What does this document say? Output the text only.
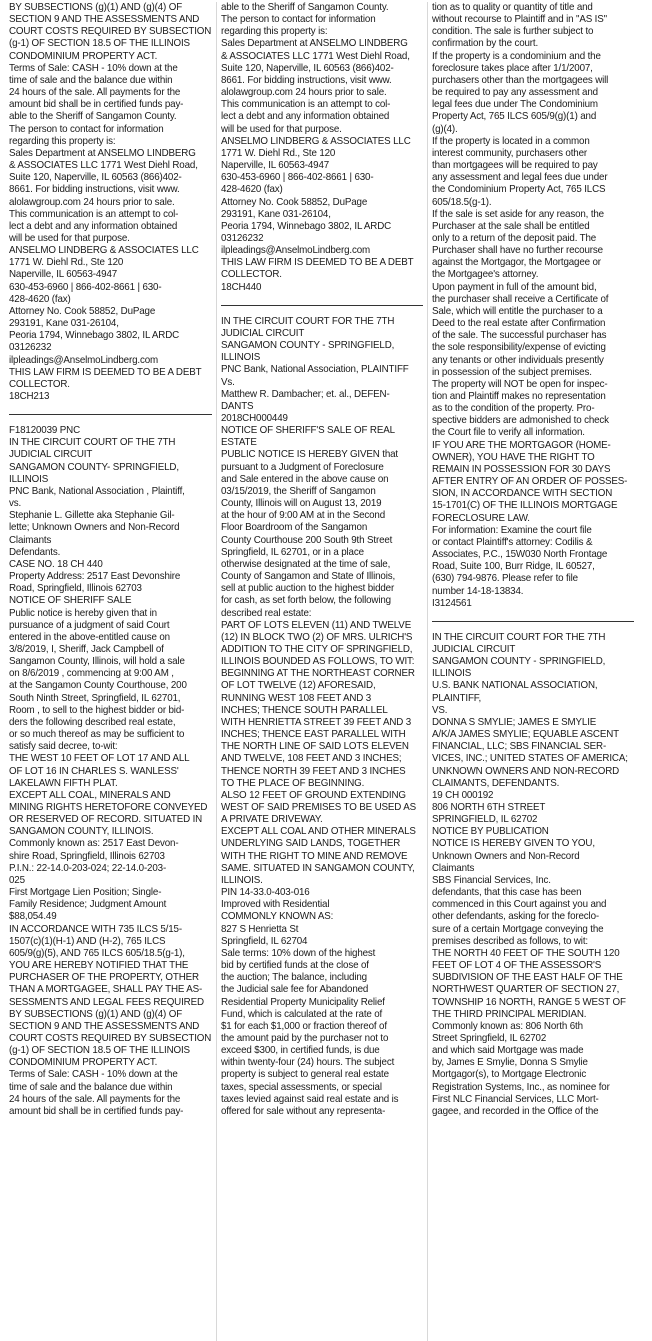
BY SUBSECTIONS (g)(1) AND (g)(4) OF
SECTION 9 AND THE ASSESSMENTS AND
COURT COSTS REQUIRED BY SUBSECTION
(g-1) OF SECTION 18.5 OF THE ILLINOIS
CONDOMINIUM PROPERTY ACT.
Terms of Sale: CASH - 10% down at the
time of sale and the balance due within
24 hours of the sale. All payments for the
amount bid shall be in certified funds pay-
able to the Sheriff of Sangamon County.
The person to contact for information
regarding this property is:
Sales Department at ANSELMO LINDBERG
& ASSOCIATES LLC 1771 West Diehl Road,
Suite 120, Naperville, IL 60563 (866)402-
8661. For bidding instructions, visit www.
alolawgroup.com 24 hours prior to sale.
This communication is an attempt to col-
lect a debt and any information obtained
will be used for that purpose.
ANSELMO LINDBERG & ASSOCIATES LLC
1771 W. Diehl Rd., Ste 120
Naperville, IL 60563-4947
630-453-6960 | 866-402-8661 | 630-
428-4620 (fax)
Attorney No. Cook 58852, DuPage
293191, Kane 031-26104,
Peoria 1794, Winnebago 3802, IL ARDC
03126232
ilpleadings@AnselmoLindberg.com
THIS LAW FIRM IS DEEMED TO BE A DEBT
COLLECTOR.
18CH213
F18120039 PNC
IN THE CIRCUIT COURT OF THE 7TH
JUDICIAL CIRCUIT
SANGAMON COUNTY- SPRINGFIELD,
ILLINOIS
PNC Bank, National Association , Plaintiff,
vs.
Stephanie L. Gillette aka Stephanie Gil-
lette; Unknown Owners and Non-Record
Claimants
Defendants.
CASE NO. 18 CH 440
Property Address: 2517 East Devonshire
Road, Springfield, Illinois 62703
NOTICE OF SHERIFF SALE
Public notice is hereby given that in
pursuance of a judgment of said Court
entered in the above-entitled cause on
3/8/2019, I, Sheriff, Jack Campbell of
Sangamon County, Illinois, will hold a sale
on 8/6/2019 , commencing at 9:00 AM ,
at the Sangamon County Courthouse, 200
South Ninth Street, Springfield, IL 62701,
Room , to sell to the highest bidder or bid-
ders the following described real estate,
or so much thereof as may be sufficient to
satisfy said decree, to-wit:
THE WEST 10 FEET OF LOT 17 AND ALL
OF LOT 16 IN CHARLES S. WANLESS'
LAKELAWN FIFTH PLAT.
EXCEPT ALL COAL, MINERALS AND
MINING RIGHTS HERETOFORE CONVEYED
OR RESERVED OF RECORD. SITUATED IN
SANGAMON COUNTY, ILLINOIS.
Commonly known as: 2517 East Devon-
shire Road, Springfield, Illinois 62703
P.I.N.: 22-14.0-203-024; 22-14.0-203-
025
First Mortgage Lien Position; Single-
Family Residence; Judgment Amount
$88,054.49
IN ACCORDANCE WITH 735 ILCS 5/15-
1507(c)(1)(H-1) AND (H-2), 765 ILCS
605/9(g)(5), AND 765 ILCS 605/18.5(g-1),
YOU ARE HEREBY NOTIFIED THAT THE
PURCHASER OF THE PROPERTY, OTHER
THAN A MORTGAGEE, SHALL PAY THE AS-
SESSMENTS AND LEGAL FEES REQUIRED
BY SUBSECTIONS (g)(1) AND (g)(4) OF
SECTION 9 AND THE ASSESSMENTS AND
COURT COSTS REQUIRED BY SUBSECTION
(g-1) OF SECTION 18.5 OF THE ILLINOIS
CONDOMINIUM PROPERTY ACT.
Terms of Sale: CASH - 10% down at the
time of sale and the balance due within
24 hours of the sale. All payments for the
amount bid shall be in certified funds pay-
able to the Sheriff of Sangamon County.
The person to contact for information
regarding this property is:
Sales Department at ANSELMO LINDBERG
& ASSOCIATES LLC 1771 West Diehl Road,
Suite 120, Naperville, IL 60563 (866)402-
8661. For bidding instructions, visit www.
alolawgroup.com 24 hours prior to sale.
This communication is an attempt to col-
lect a debt and any information obtained
will be used for that purpose.
ANSELMO LINDBERG & ASSOCIATES LLC
1771 W. Diehl Rd., Ste 120
Naperville, IL 60563-4947
630-453-6960 | 866-402-8661 | 630-
428-4620 (fax)
Attorney No. Cook 58852, DuPage
293191, Kane 031-26104,
Peoria 1794, Winnebago 3802, IL ARDC
03126232
ilpleadings@AnselmoLindberg.com
THIS LAW FIRM IS DEEMED TO BE A DEBT
COLLECTOR.
18CH440
IN THE CIRCUIT COURT FOR THE 7TH
JUDICIAL CIRCUIT
SANGAMON COUNTY - SPRINGFIELD,
ILLINOIS
PNC Bank, National Association, PLAINTIFF
Vs.
Matthew R. Dambacher; et. al., DEFEN-
DANTS
2018CH000449
NOTICE OF SHERIFF'S SALE OF REAL
ESTATE
PUBLIC NOTICE IS HEREBY GIVEN that
pursuant to a Judgment of Foreclosure
and Sale entered in the above cause on
03/15/2019, the Sheriff of Sangamon
County, Illinois will on August 13, 2019
at the hour of 9:00 AM at in the Second
Floor Boardroom of the Sangamon
County Courthouse 200 South 9th Street
Springfield, IL 62701, or in a place
otherwise designated at the time of sale,
County of Sangamon and State of Illinois,
sell at public auction to the highest bidder
for cash, as set forth below, the following
described real estate:
PART OF LOTS ELEVEN (11) AND TWELVE
(12) IN BLOCK TWO (2) OF MRS. ULRICH'S
ADDITION TO THE CITY OF SPRINGFIELD,
ILLINOIS BOUNDED AS FOLLOWS, TO WIT:
BEGINNING AT THE NORTHEAST CORNER
OF LOT TWELVE (12) AFORESAID,
RUNNING WEST 108 FEET AND 3
INCHES; THENCE SOUTH PARALLEL
WITH HENRIETTA STREET 39 FEET AND 3
INCHES; THENCE EAST PARALLEL WITH
THE NORTH LINE OF SAID LOTS ELEVEN
AND TWELVE, 108 FEET AND 3 INCHES;
THENCE NORTH 39 FEET AND 3 INCHES
TO THE PLACE OF BEGINNING.
ALSO 12 FEET OF GROUND EXTENDING
WEST OF SAID PREMISES TO BE USED AS
A PRIVATE DRIVEWAY.
EXCEPT ALL COAL AND OTHER MINERALS
UNDERLYING SAID LANDS, TOGETHER
WITH THE RIGHT TO MINE AND REMOVE
SAME. SITUATED IN SANGAMON COUNTY,
ILLINOIS.
PIN 14-33.0-403-016
Improved with Residential
COMMONLY KNOWN AS:
827 S Henrietta St
Springfield, IL 62704
Sale terms: 10% down of the highest
bid by certified funds at the close of
the auction; The balance, including
the Judicial sale fee for Abandoned
Residential Property Municipality Relief
Fund, which is calculated at the rate of
$1 for each $1,000 or fraction thereof of
the amount paid by the purchaser not to
exceed $300, in certified funds, is due
within twenty-four (24) hours. The subject
property is subject to general real estate
taxes, special assessments, or special
taxes levied against said real estate and is
offered for sale without any representa-
tion as to quality or quantity of title and
without recourse to Plaintiff and in "AS IS"
condition. The sale is further subject to
confirmation by the court.
If the property is a condominium and the
foreclosure takes place after 1/1/2007,
purchasers other than the mortgagees will
be required to pay any assessment and
legal fees due under The Condominium
Property Act, 765 ILCS 605/9(g)(1) and
(g)(4).
If the property is located in a common
interest community, purchasers other
than mortgagees will be required to pay
any assessment and legal fees due under
the Condominium Property Act, 765 ILCS
605/18.5(g-1).
If the sale is set aside for any reason, the
Purchaser at the sale shall be entitled
only to a return of the deposit paid. The
Purchaser shall have no further recourse
against the Mortgagor, the Mortgagee or
the Mortgagee's attorney.
Upon payment in full of the amount bid,
the purchaser shall receive a Certificate of
Sale, which will entitle the purchaser to a
Deed to the real estate after Confirmation
of the sale. The successful purchaser has
the sole responsibility/expense of evicting
any tenants or other individuals presently
in possession of the subject premises.
The property will NOT be open for inspec-
tion and Plaintiff makes no representation
as to the condition of the property. Pro-
spective bidders are admonished to check
the Court file to verify all information.
IF YOU ARE THE MORTGAGOR (HOME-
OWNER), YOU HAVE THE RIGHT TO
REMAIN IN POSSESSION FOR 30 DAYS
AFTER ENTRY OF AN ORDER OF POSSES-
SION, IN ACCORDANCE WITH SECTION
15-1701(C) OF THE ILLINOIS MORTGAGE
FORECLOSURE LAW.
For information: Examine the court file
or contact Plaintiff's attorney: Codilis &
Associates, P.C., 15W030 North Frontage
Road, Suite 100, Burr Ridge, IL 60527,
(630) 794-9876. Please refer to file
number 14-18-13834.
I3124561
IN THE CIRCUIT COURT FOR THE 7TH
JUDICIAL CIRCUIT
SANGAMON COUNTY - SPRINGFIELD,
ILLINOIS
U.S. BANK NATIONAL ASSOCIATION,
PLAINTIFF,
VS.
DONNA S SMYLIE; JAMES E SMYLIE
A/K/A JAMES SMYLIE; EQUABLE ASCENT
FINANCIAL, LLC; SBS FINANCIAL SER-
VICES, INC.; UNITED STATES OF AMERICA;
UNKNOWN OWNERS AND NON-RECORD
CLAIMANTS, DEFENDANTS.
19 CH 000192
806 NORTH 6TH STREET
SPRINGFIELD, IL 62702
NOTICE BY PUBLICATION
NOTICE IS HEREBY GIVEN TO YOU,
Unknown Owners and Non-Record
Claimants
SBS Financial Services, Inc.
defendants, that this case has been
commenced in this Court against you and
other defendants, asking for the foreclo-
sure of a certain Mortgage conveying the
premises described as follows, to wit:
THE NORTH 40 FEET OF THE SOUTH 120
FEET OF LOT 4 OF THE ASSESSOR'S
SUBDIVISION OF THE EAST HALF OF THE
NORTHWEST QUARTER OF SECTION 27,
TOWNSHIP 16 NORTH, RANGE 5 WEST OF
THE THIRD PRINCIPAL MERIDIAN.
Commonly known as: 806 North 6th
Street Springfield, IL 62702
and which said Mortgage was made
by, James E Smylie, Donna S Smylie
Mortgagor(s), to Mortgage Electronic
Registration Systems, Inc., as nominee for
First NLC Financial Services, LLC Mort-
gagee, and recorded in the Office of the
